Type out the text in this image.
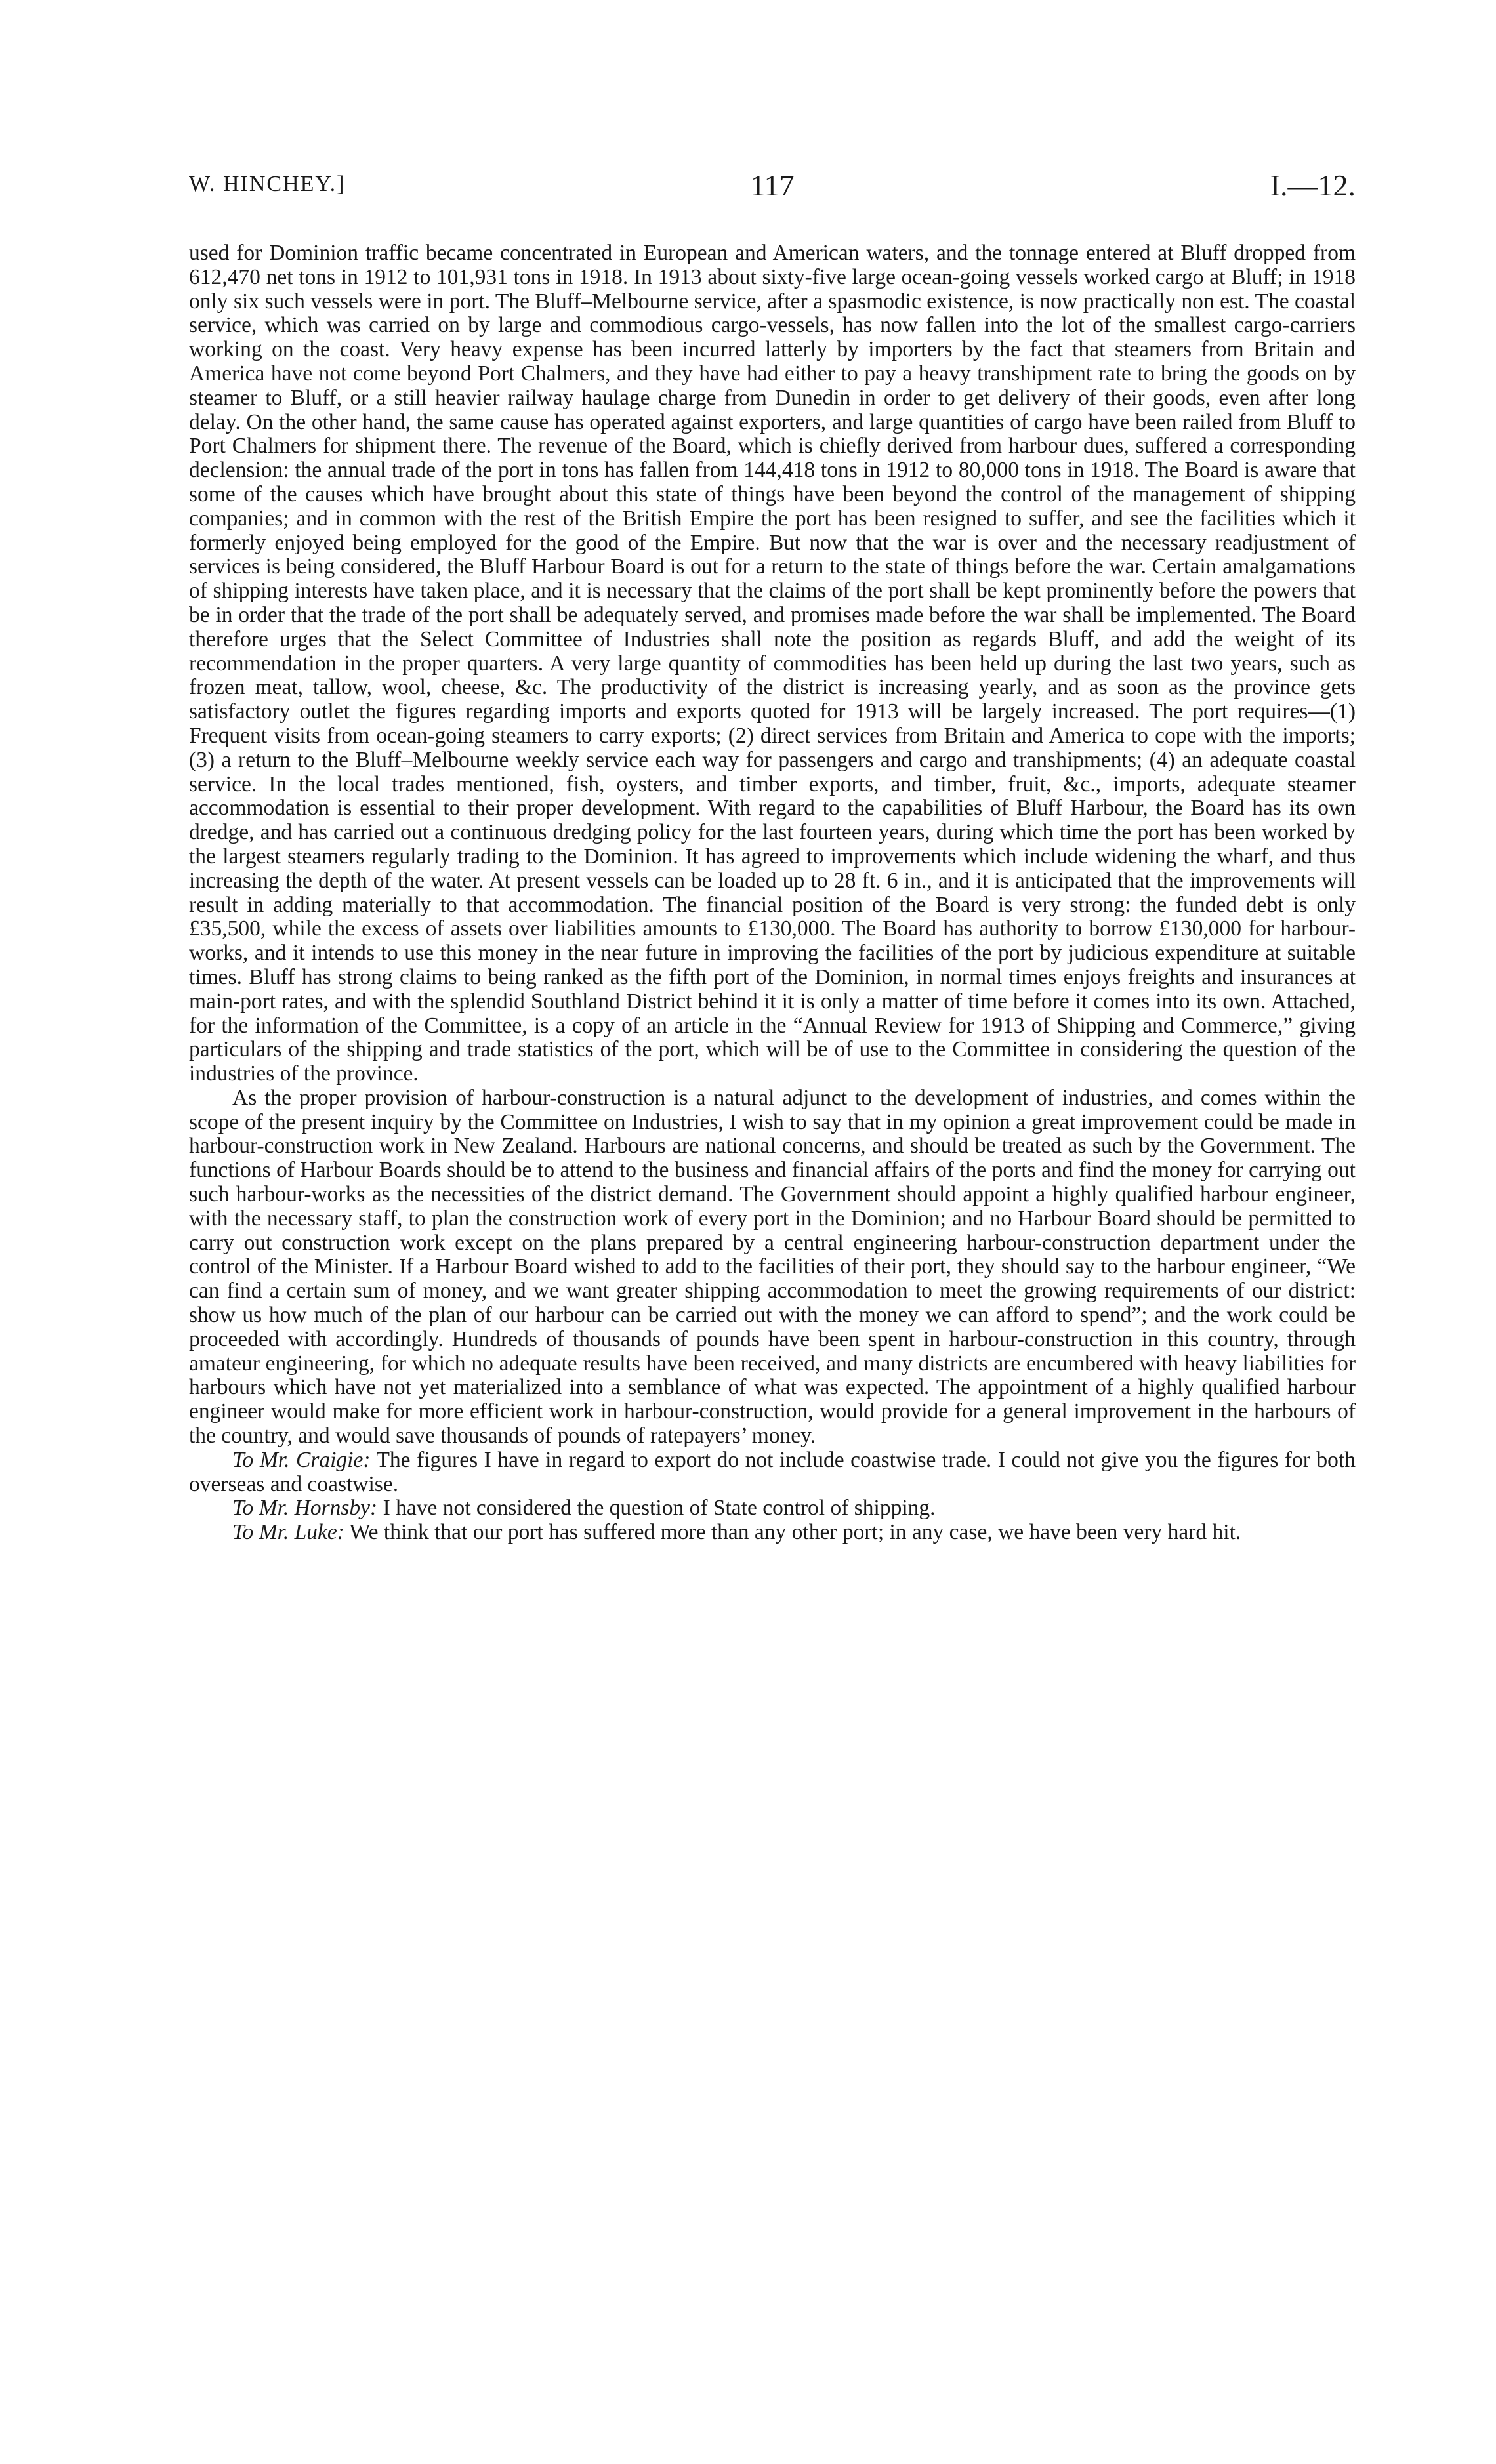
W. HINCHEY.]	117	I.—12.

used for Dominion traffic became concentrated in European and American waters, and the tonnage entered at Bluff dropped from 612,470 net tons in 1912 to 101,931 tons in 1918. In 1913 about sixty-five large ocean-going vessels worked cargo at Bluff; in 1918 only six such vessels were in port. The Bluff–Melbourne service, after a spasmodic existence, is now practically non est. The coastal service, which was carried on by large and commodious cargo-vessels, has now fallen into the lot of the smallest cargo-carriers working on the coast. Very heavy expense has been incurred latterly by importers by the fact that steamers from Britain and America have not come beyond Port Chalmers, and they have had either to pay a heavy transhipment rate to bring the goods on by steamer to Bluff, or a still heavier railway haulage charge from Dunedin in order to get delivery of their goods, even after long delay. On the other hand, the same cause has operated against exporters, and large quantities of cargo have been railed from Bluff to Port Chalmers for shipment there. The revenue of the Board, which is chiefly derived from harbour dues, suffered a corresponding declension: the annual trade of the port in tons has fallen from 144,418 tons in 1912 to 80,000 tons in 1918. The Board is aware that some of the causes which have brought about this state of things have been beyond the control of the management of shipping companies; and in common with the rest of the British Empire the port has been resigned to suffer, and see the facilities which it formerly enjoyed being employed for the good of the Empire. But now that the war is over and the necessary readjustment of services is being considered, the Bluff Harbour Board is out for a return to the state of things before the war. Certain amalgamations of shipping interests have taken place, and it is necessary that the claims of the port shall be kept prominently before the powers that be in order that the trade of the port shall be adequately served, and promises made before the war shall be implemented. The Board therefore urges that the Select Committee of Industries shall note the position as regards Bluff, and add the weight of its recommendation in the proper quarters. A very large quantity of commodities has been held up during the last two years, such as frozen meat, tallow, wool, cheese, &c. The productivity of the district is increasing yearly, and as soon as the province gets satisfactory outlet the figures regarding imports and exports quoted for 1913 will be largely increased. The port requires—(1) Frequent visits from ocean-going steamers to carry exports; (2) direct services from Britain and America to cope with the imports; (3) a return to the Bluff–Melbourne weekly service each way for passengers and cargo and transhipments; (4) an adequate coastal service. In the local trades mentioned, fish, oysters, and timber exports, and timber, fruit, &c., imports, adequate steamer accommodation is essential to their proper development. With regard to the capabilities of Bluff Harbour, the Board has its own dredge, and has carried out a continuous dredging policy for the last fourteen years, during which time the port has been worked by the largest steamers regularly trading to the Dominion. It has agreed to improvements which include widening the wharf, and thus increasing the depth of the water. At present vessels can be loaded up to 28 ft. 6 in., and it is anticipated that the improvements will result in adding materially to that accommodation. The financial position of the Board is very strong: the funded debt is only £35,500, while the excess of assets over liabilities amounts to £130,000. The Board has authority to borrow £130,000 for harbour-works, and it intends to use this money in the near future in improving the facilities of the port by judicious expenditure at suitable times. Bluff has strong claims to being ranked as the fifth port of the Dominion, in normal times enjoys freights and insurances at main-port rates, and with the splendid Southland District behind it it is only a matter of time before it comes into its own. Attached, for the information of the Committee, is a copy of an article in the “Annual Review for 1913 of Shipping and Commerce,” giving particulars of the shipping and trade statistics of the port, which will be of use to the Committee in considering the question of the industries of the province.

As the proper provision of harbour-construction is a natural adjunct to the development of industries, and comes within the scope of the present inquiry by the Committee on Industries, I wish to say that in my opinion a great improvement could be made in harbour-construction work in New Zealand. Harbours are national concerns, and should be treated as such by the Government. The functions of Harbour Boards should be to attend to the business and financial affairs of the ports and find the money for carrying out such harbour-works as the necessities of the district demand. The Government should appoint a highly qualified harbour engineer, with the necessary staff, to plan the construction work of every port in the Dominion; and no Harbour Board should be permitted to carry out construction work except on the plans prepared by a central engineering harbour-construction department under the control of the Minister. If a Harbour Board wished to add to the facilities of their port, they should say to the harbour engineer, “We can find a certain sum of money, and we want greater shipping accommodation to meet the growing requirements of our district: show us how much of the plan of our harbour can be carried out with the money we can afford to spend”; and the work could be proceeded with accordingly. Hundreds of thousands of pounds have been spent in harbour-construction in this country, through amateur engineering, for which no adequate results have been received, and many districts are encumbered with heavy liabilities for harbours which have not yet materialized into a semblance of what was expected. The appointment of a highly qualified harbour engineer would make for more efficient work in harbour-construction, would provide for a general improvement in the harbours of the country, and would save thousands of pounds of ratepayers’ money.

To Mr. Craigie: The figures I have in regard to export do not include coastwise trade. I could not give you the figures for both overseas and coastwise.

To Mr. Hornsby: I have not considered the question of State control of shipping.

To Mr. Luke: We think that our port has suffered more than any other port; in any case, we have been very hard hit.
